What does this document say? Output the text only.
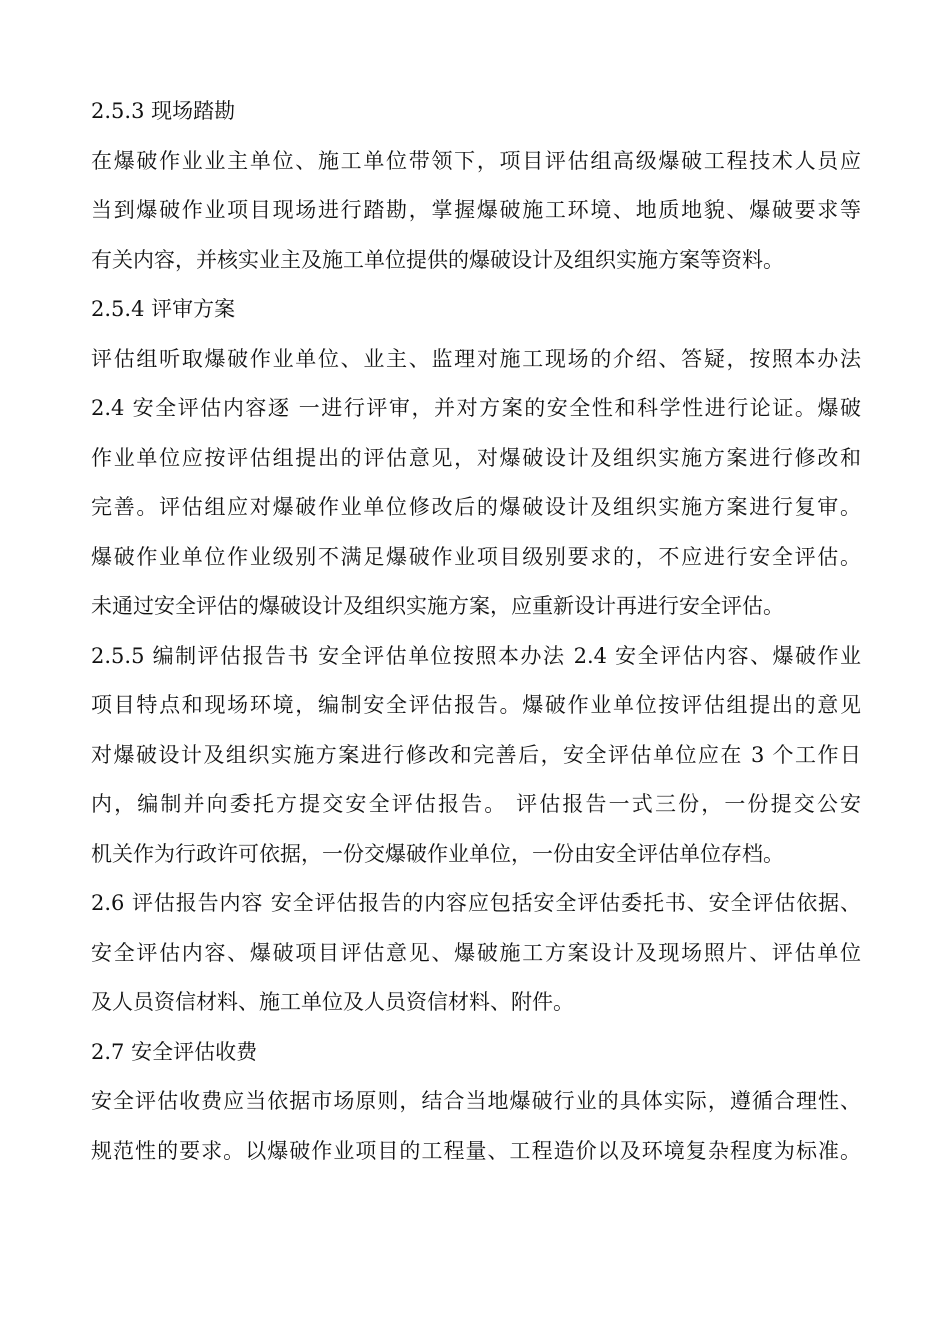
2.5.3 现场踏勘
在爆破作业业主单位、施工单位带领下，项目评估组高级爆破工程技术人员应
当到爆破作业项目现场进行踏勘，掌握爆破施工环境、地质地貌、爆破要求等
有关内容，并核实业主及施工单位提供的爆破设计及组织实施方案等资料。
2.5.4 评审方案
评估组听取爆破作业单位、业主、监理对施工现场的介绍、答疑，按照本办法
2.4 安全评估内容逐 一进行评审，并对方案的安全性和科学性进行论证。爆破
作业单位应按评估组提出的评估意见，对爆破设计及组织实施方案进行修改和
完善。评估组应对爆破作业单位修改后的爆破设计及组织实施方案进行复审。
爆破作业单位作业级别不满足爆破作业项目级别要求的，不应进行安全评估。
未通过安全评估的爆破设计及组织实施方案，应重新设计再进行安全评估。
2.5.5 编制评估报告书 安全评估单位按照本办法 2.4 安全评估内容、爆破作业
项目特点和现场环境，编制安全评估报告。爆破作业单位按评估组提出的意见
对爆破设计及组织实施方案进行修改和完善后，安全评估单位应在 3 个工作日
内，编制并向委托方提交安全评估报告。 评估报告一式三份，一份提交公安
机关作为行政许可依据，一份交爆破作业单位，一份由安全评估单位存档。
2.6 评估报告内容 安全评估报告的内容应包括安全评估委托书、安全评估依据、
安全评估内容、爆破项目评估意见、爆破施工方案设计及现场照片、评估单位
及人员资信材料、施工单位及人员资信材料、附件。
2.7 安全评估收费
安全评估收费应当依据市场原则，结合当地爆破行业的具体实际，遵循合理性、
规范性的要求。以爆破作业项目的工程量、工程造价以及环境复杂程度为标准。
